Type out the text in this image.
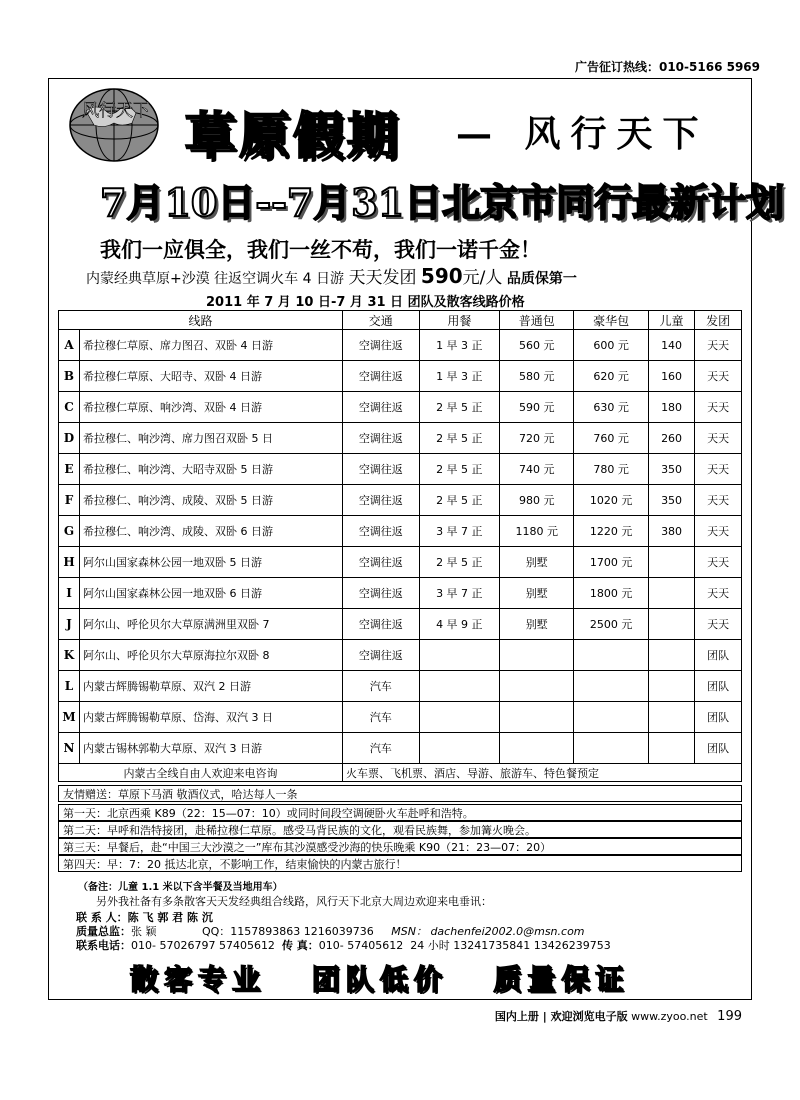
广告征订热线：010-5166 5969
风行天下 草原假期 — 风行天下
7月10日--7月31日北京市同行最新计划
我们一应俱全，我们一丝不苟，我们一诺千金！
内蒙经典草原+沙漠 往返空调火车 4 日游 天天发团 590元/人 品质保第一
2011 年 7 月 10 日-7 月 31 日 团队及散客线路价格
线路		交通	用餐	普通包	豪华包	儿童	发团
A	希拉穆仁草原、席力图召、双卧 4 日游	空调往返	1 早 3 正	560 元	600 元	140	天天
B	希拉穆仁草原、大昭寺、双卧 4 日游	空调往返	1 早 3 正	580 元	620 元	160	天天
C	希拉穆仁草原、响沙湾、双卧 4 日游	空调往返	2 早 5 正	590 元	630 元	180	天天
D	希拉穆仁、响沙湾、席力图召双卧 5 日	空调往返	2 早 5 正	720 元	760 元	260	天天
E	希拉穆仁、响沙湾、大昭寺双卧 5 日游	空调往返	2 早 5 正	740 元	780 元	350	天天
F	希拉穆仁、响沙湾、成陵、双卧 5 日游	空调往返	2 早 5 正	980 元	1020 元	350	天天
G	希拉穆仁、响沙湾、成陵、双卧 6 日游	空调往返	3 早 7 正	1180 元	1220 元	380	天天
H	阿尔山国家森林公园一地双卧 5 日游	空调往返	2 早 5 正	别墅	1700 元		天天
I	阿尔山国家森林公园一地双卧 6 日游	空调往返	3 早 7 正	别墅	1800 元		天天
J	阿尔山、呼伦贝尔大草原满洲里双卧 7	空调往返	4 早 9 正	别墅	2500 元		天天
K	阿尔山、呼伦贝尔大草原海拉尔双卧 8	空调往返					团队
L	内蒙古辉腾锡勒草原、双汽 2 日游	汽车					团队
M	内蒙古辉腾锡勒草原、岱海、双汽 3 日	汽车					团队
N	内蒙古锡林郭勒大草原、双汽 3 日游	汽车					团队
内蒙古全线自由人欢迎来电咨询		火车票、飞机票、酒店、导游、旅游车、特色餐预定					
友情赠送：草原下马酒 敬酒仪式，哈达每人一条
第一天：北京西乘 K89（22：15—07：10）或同时间段空调硬卧火车赴呼和浩特。
第二天：早呼和浩特接团，赴稀拉穆仁草原。感受马背民族的文化，观看民族舞，参加篝火晚会。
第三天：早餐后，赴“中国三大沙漠之一”库布其沙漠感受沙海的快乐晚乘 K90（21：23—07：20）
第四天：早：7：20 抵达北京，不影响工作，结束愉快的内蒙古旅行！
（备注：儿童 1.1 米以下含半餐及当地用车）
另外我社备有多条散客天天发经典组合线路，风行天下北京大周边欢迎来电垂讯：
联 系 人：陈 飞 郭 君 陈 沉
质量总监：张 颖	QQ：1157893863 1216039736 MSN： dachenfei2002.0@msn.com
联系电话：010- 57026797 57405612 传 真：010- 57405612 24 小时 13241735841 13426239753
散客专业 团队低价 质量保证
国内上册 | 欢迎浏览电子版 www.zyoo.net 199
